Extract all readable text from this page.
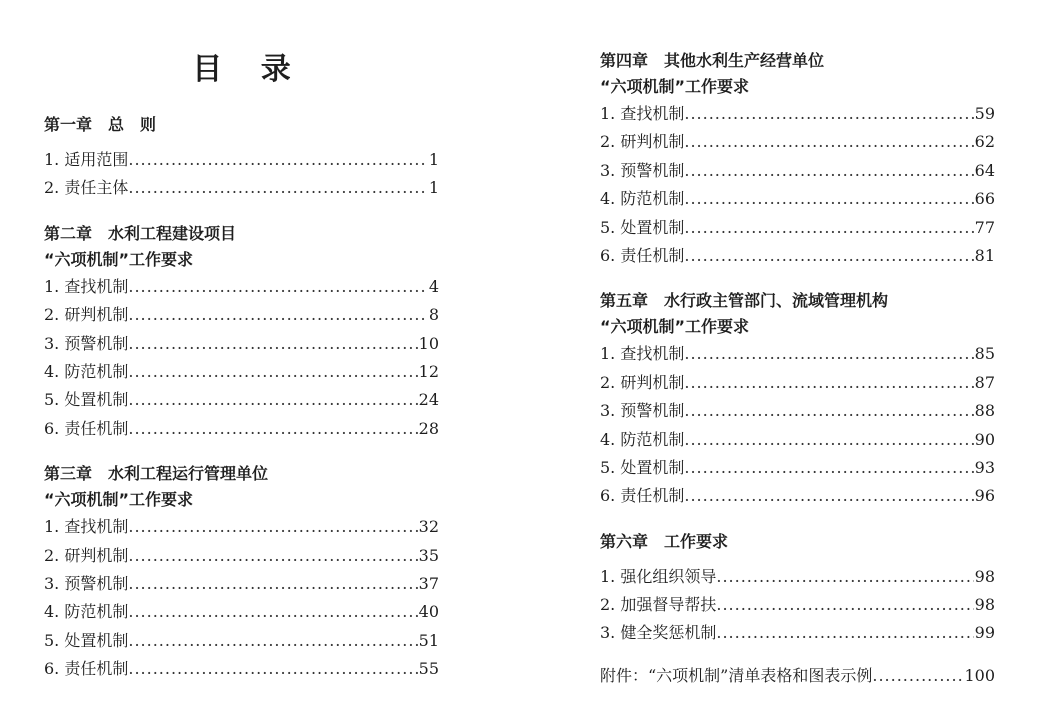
目 录
第一章　总　则
1. 适用范围 .....	1
2. 责任主体 .....	1
第二章　水利工程建设项目
“六项机制”工作要求
1. 查找机制 .....	4
2. 研判机制 .....	8
3. 预警机制 .....	10
4. 防范机制 .....	12
5. 处置机制 .....	24
6. 责任机制 .....	28
第三章　水利工程运行管理单位
“六项机制”工作要求
1. 查找机制 .....	32
2. 研判机制 .....	35
3. 预警机制 .....	37
4. 防范机制 .....	40
5. 处置机制 .....	51
6. 责任机制 .....	55
第四章　其他水利生产经营单位
“六项机制”工作要求
1. 查找机制 .....	59
2. 研判机制 .....	62
3. 预警机制 .....	64
4. 防范机制 .....	66
5. 处置机制 .....	77
6. 责任机制 .....	81
第五章　水行政主管部门、流域管理机构
“六项机制”工作要求
1. 查找机制 .....	85
2. 研判机制 .....	87
3. 预警机制 .....	88
4. 防范机制 .....	90
5. 处置机制 .....	93
6. 责任机制 .....	96
第六章　工作要求
1. 强化组织领导 .....	98
2. 加强督导帮扶 .....	98
3. 健全奖惩机制 .....	99
附件：“六项机制”清单表格和图表示例 .....	100
